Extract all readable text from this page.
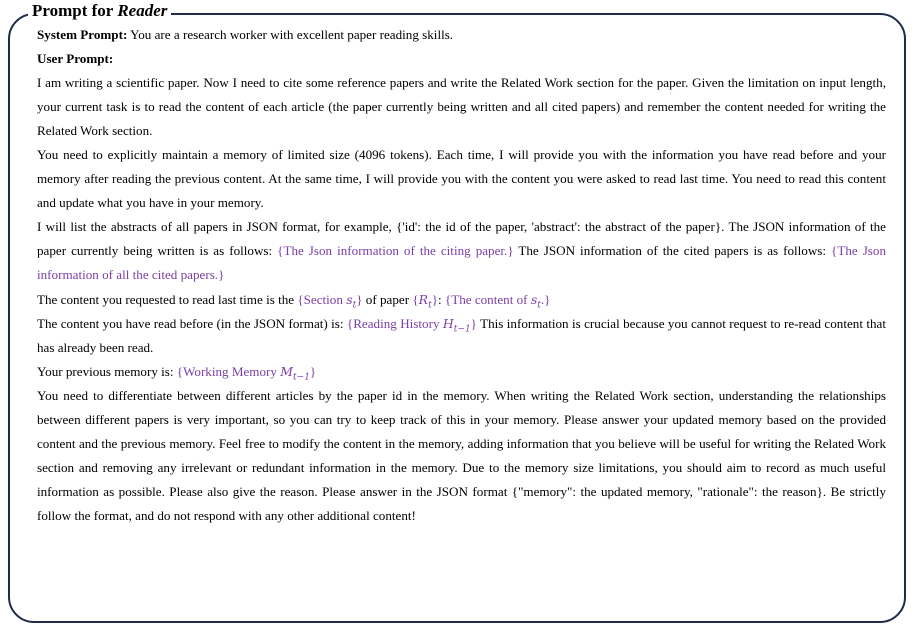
Prompt for Reader

System Prompt: You are a research worker with excellent paper reading skills.

User Prompt:

I am writing a scientific paper. Now I need to cite some reference papers and write the Related Work section for the paper. Given the limitation on input length, your current task is to read the content of each article (the paper currently being written and all cited papers) and remember the content needed for writing the Related Work section.

You need to explicitly maintain a memory of limited size (4096 tokens). Each time, I will provide you with the information you have read before and your memory after reading the previous content. At the same time, I will provide you with the content you were asked to read last time. You need to read this content and update what you have in your memory.

I will list the abstracts of all papers in JSON format, for example, {'id': the id of the paper, 'abstract': the abstract of the paper}. The JSON information of the paper currently being written is as follows: {The Json information of the citing paper.} The JSON information of the cited papers is as follows: {The Json information of all the cited papers.}

The content you requested to read last time is the {Section $s_t$} of paper $\{R_t\}$: {The content of $s_t$.}

The content you have read before (in the JSON format) is: {Reading History $H_{t-1}$} This information is crucial because you cannot request to re-read content that has already been read.

Your previous memory is: {Working Memory $M_{t-1}$}

You need to differentiate between different articles by the paper id in the memory. When writing the Related Work section, understanding the relationships between different papers is very important, so you can try to keep track of this in your memory. Please answer your updated memory based on the provided content and the previous memory. Feel free to modify the content in the memory, adding information that you believe will be useful for writing the Related Work section and removing any irrelevant or redundant information in the memory. Due to the memory size limitations, you should aim to record as much useful information as possible. Please also give the reason. Please answer in the JSON format {"memory": the updated memory, "rationale": the reason}. Be strictly follow the format, and do not respond with any other additional content!
